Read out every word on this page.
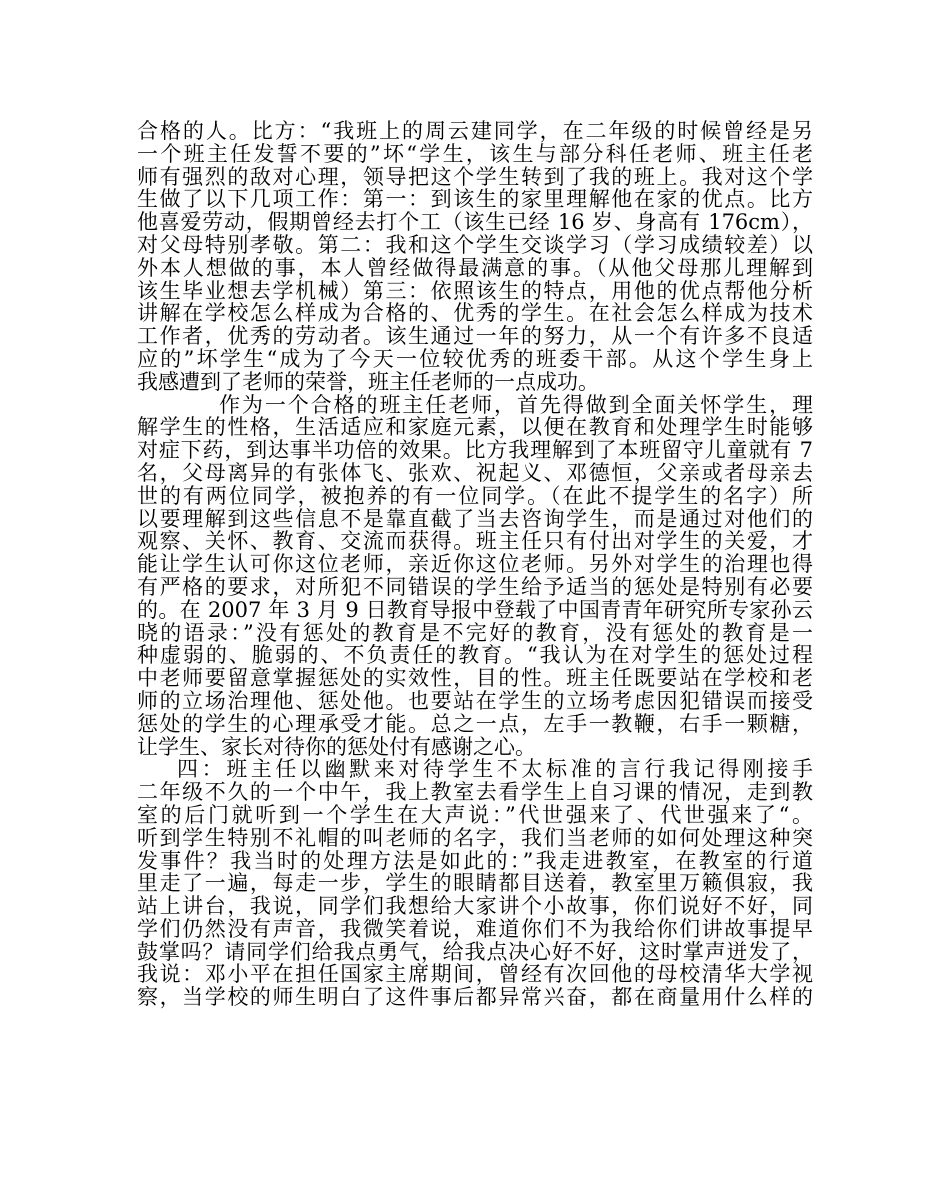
合格的人。比方：“我班上的周云建同学，在二年级的时候曾经是另
一个班主任发誓不要的”坏“学生，该生与部分科任老师、班主任老
师有强烈的敌对心理，领导把这个学生转到了我的班上。我对这个学
生做了以下几项工作：第一：到该生的家里理解他在家的优点。比方
他喜爱劳动，假期曾经去打个工（该生已经 16 岁、身高有 176cm），
对父母特别孝敬。第二：我和这个学生交谈学习（学习成绩较差）以
外本人想做的事，本人曾经做得最满意的事。（从他父母那儿理解到
该生毕业想去学机械）第三：依照该生的特点，用他的优点帮他分析
讲解在学校怎么样成为合格的、优秀的学生。在社会怎么样成为技术
工作者，优秀的劳动者。该生通过一年的努力，从一个有许多不良适
应的”坏学生“成为了今天一位较优秀的班委干部。从这个学生身上
我感遭到了老师的荣誉，班主任老师的一点成功。
作为一个合格的班主任老师，首先得做到全面关怀学生，理
解学生的性格，生活适应和家庭元素，以便在教育和处理学生时能够
对症下药，到达事半功倍的效果。比方我理解到了本班留守儿童就有 7
名，父母离异的有张体飞、张欢、祝起义、邓德恒，父亲或者母亲去
世的有两位同学，被抱养的有一位同学。（在此不提学生的名字）所
以要理解到这些信息不是靠直截了当去咨询学生，而是通过对他们的
观察、关怀、教育、交流而获得。班主任只有付出对学生的关爱，才
能让学生认可你这位老师，亲近你这位老师。另外对学生的治理也得
有严格的要求，对所犯不同错误的学生给予适当的惩处是特别有必要
的。在 2007 年 3 月 9 日教育导报中登载了中国青青年研究所专家孙云
晓的语录：”没有惩处的教育是不完好的教育，没有惩处的教育是一
种虚弱的、脆弱的、不负责任的教育。“我认为在对学生的惩处过程
中老师要留意掌握惩处的实效性，目的性。班主任既要站在学校和老
师的立场治理他、惩处他。也要站在学生的立场考虑因犯错误而接受
惩处的学生的心理承受才能。总之一点，左手一教鞭，右手一颗糖，
让学生、家长对待你的惩处付有感谢之心。
四：班主任以幽默来对待学生不太标准的言行我记得刚接手
二年级不久的一个中午，我上教室去看学生上自习课的情况，走到教
室的后门就听到一个学生在大声说：”代世强来了、代世强来了“。
听到学生特别不礼帽的叫老师的名字，我们当老师的如何处理这种突
发事件？我当时的处理方法是如此的：”我走进教室，在教室的行道
里走了一遍，每走一步，学生的眼睛都目送着，教室里万籁俱寂，我
站上讲台，我说，同学们我想给大家讲个小故事，你们说好不好，同
学们仍然没有声音，我微笑着说，难道你们不为我给你们讲故事提早
鼓掌吗？请同学们给我点勇气，给我点决心好不好，这时掌声迸发了，
我说：邓小平在担任国家主席期间，曾经有次回他的母校清华大学视
察，当学校的师生明白了这件事后都异常兴奋，都在商量用什么样的
